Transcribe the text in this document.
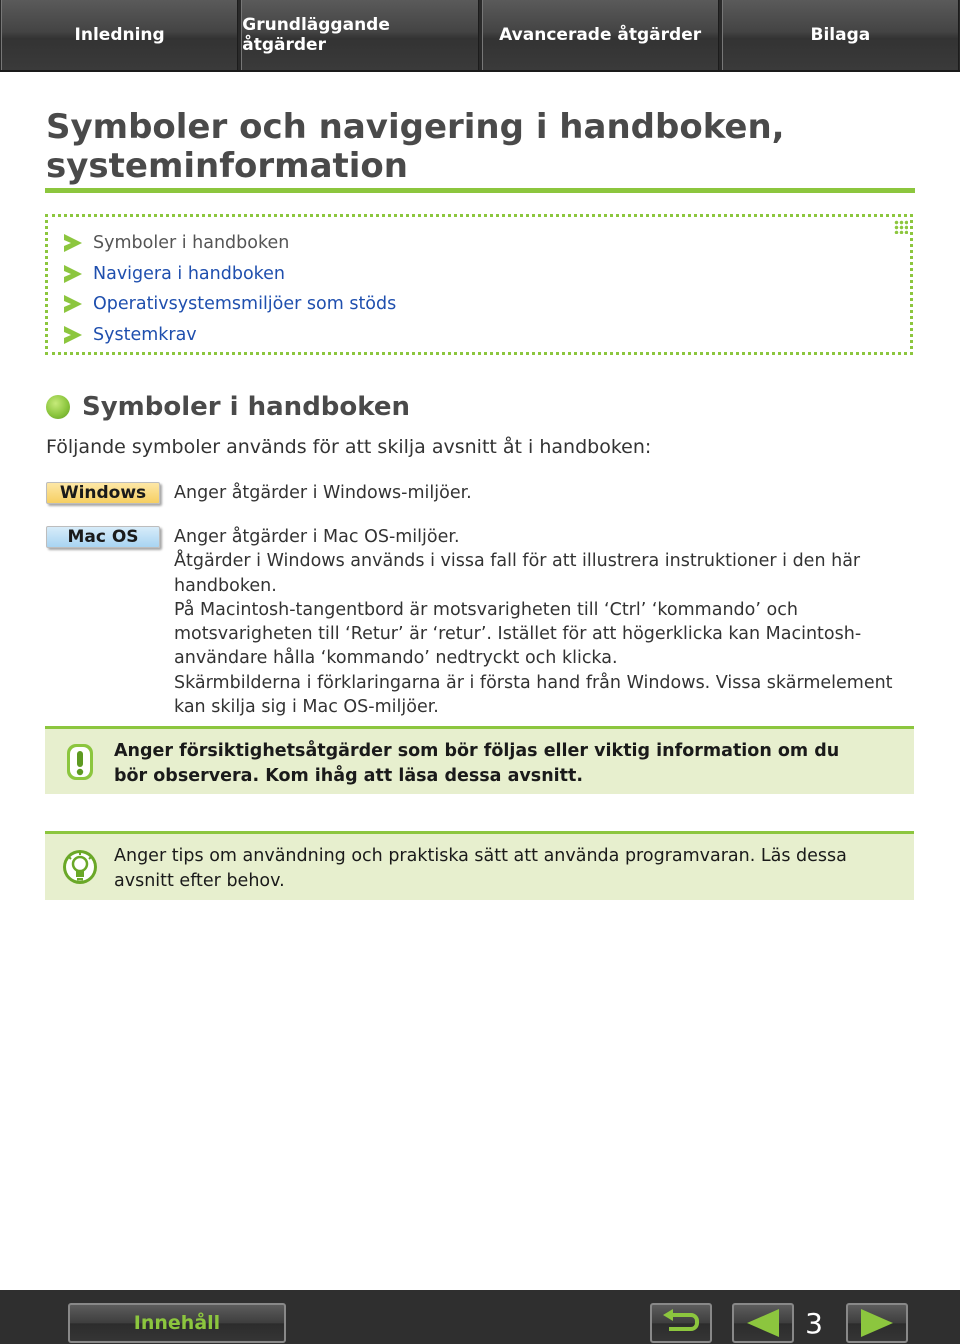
Inledning	Grundläggande åtgärder	Avancerade åtgärder	Bilaga
Symboler och navigering i handboken, systeminformation
Symboler i handboken
Navigera i handboken
Operativsystemsmiljöer som stöds
Systemkrav
Symboler i handboken

Följande symboler används för att skilja avsnitt åt i handboken:

Windows	Anger åtgärder i Windows-miljöer.

Mac OS	Anger åtgärder i Mac OS-miljöer.

Åtgärder i Windows används i vissa fall för att illustrera instruktioner i den här handboken.

På Macintosh-tangentbord är motsvarigheten till ‘Ctrl’ ‘kommando’ och motsvarigheten till ‘Retur’ är ‘retur’. Istället för att högerklicka kan Macintosh-användare hålla ‘kommando’ nedtryckt och klicka.

Skärmbilderna i förklaringarna är i första hand från Windows. Vissa skärmelement kan skilja sig i Mac OS-miljöer.

Anger försiktighetsåtgärder som bör följas eller viktig information om du bör observera. Kom ihåg att läsa dessa avsnitt.

Anger tips om användning och praktiska sätt att använda programvaran. Läs dessa avsnitt efter behov.

Innehåll	3
